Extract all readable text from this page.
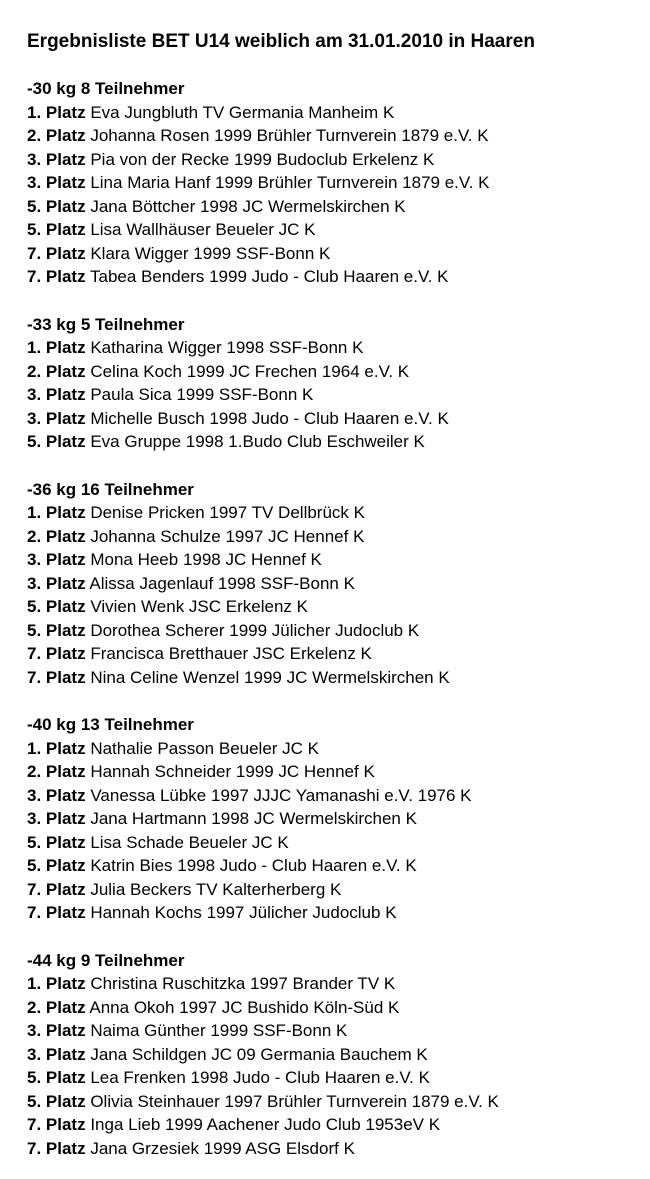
Ergebnisliste BET U14 weiblich am 31.01.2010 in Haaren
-30 kg 8 Teilnehmer
1. Platz Eva Jungbluth TV Germania Manheim K
2. Platz Johanna Rosen 1999 Brühler Turnverein 1879 e.V. K
3. Platz Pia von der Recke 1999 Budoclub Erkelenz K
3. Platz Lina Maria Hanf 1999 Brühler Turnverein 1879 e.V. K
5. Platz Jana Böttcher 1998 JC Wermelskirchen K
5. Platz Lisa Wallhäuser Beueler JC K
7. Platz Klara Wigger 1999 SSF-Bonn K
7. Platz Tabea Benders 1999 Judo - Club Haaren e.V. K
-33 kg 5 Teilnehmer
1. Platz Katharina Wigger 1998 SSF-Bonn K
2. Platz Celina Koch 1999 JC Frechen 1964 e.V. K
3. Platz Paula Sica 1999 SSF-Bonn K
3. Platz Michelle Busch 1998 Judo - Club Haaren e.V. K
5. Platz Eva Gruppe 1998 1.Budo Club Eschweiler K
-36 kg 16 Teilnehmer
1. Platz Denise Pricken 1997 TV Dellbrück K
2. Platz Johanna Schulze 1997 JC Hennef K
3. Platz Mona Heeb 1998 JC Hennef K
3. Platz Alissa Jagenlauf 1998 SSF-Bonn K
5. Platz Vivien Wenk JSC Erkelenz K
5. Platz Dorothea Scherer 1999 Jülicher Judoclub K
7. Platz Francisca Bretthauer JSC Erkelenz K
7. Platz Nina Celine Wenzel 1999 JC Wermelskirchen K
-40 kg 13 Teilnehmer
1. Platz Nathalie Passon Beueler JC K
2. Platz Hannah Schneider 1999 JC Hennef K
3. Platz Vanessa Lübke 1997 JJJC Yamanashi e.V. 1976 K
3. Platz Jana Hartmann 1998 JC Wermelskirchen K
5. Platz Lisa Schade Beueler JC K
5. Platz Katrin Bies 1998 Judo - Club Haaren e.V. K
7. Platz Julia Beckers TV Kalterherberg K
7. Platz Hannah Kochs 1997 Jülicher Judoclub K
-44 kg 9 Teilnehmer
1. Platz Christina Ruschitzka 1997 Brander TV K
2. Platz Anna Okoh 1997 JC Bushido Köln-Süd K
3. Platz Naima Günther 1999 SSF-Bonn K
3. Platz Jana Schildgen JC 09 Germania Bauchem K
5. Platz Lea Frenken 1998 Judo - Club Haaren e.V. K
5. Platz Olivia Steinhauer 1997 Brühler Turnverein 1879 e.V. K
7. Platz Inga Lieb 1999 Aachener Judo Club 1953eV K
7. Platz Jana Grzesiek 1999 ASG Elsdorf K
